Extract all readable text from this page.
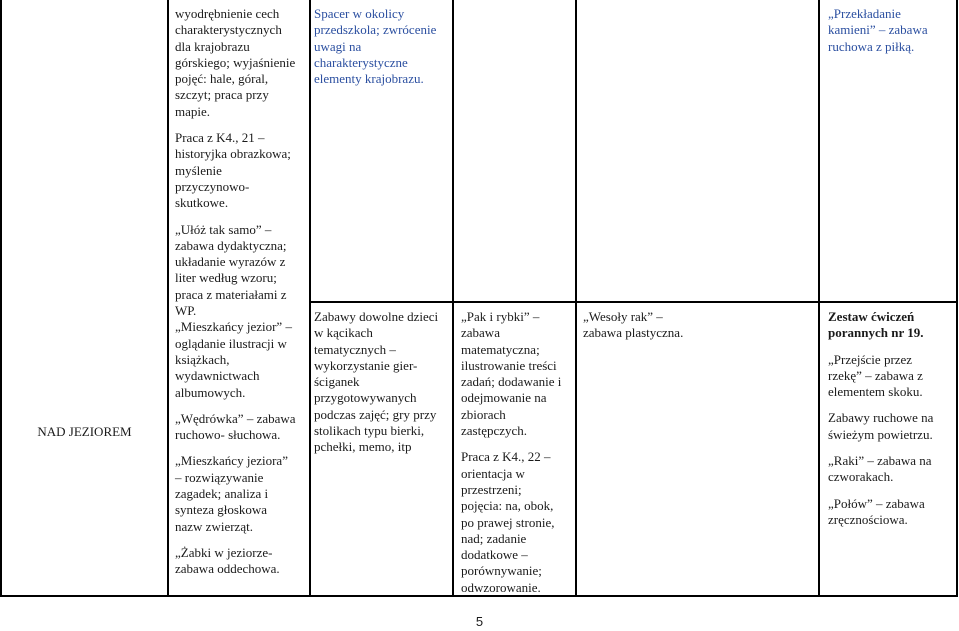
NAD JEZIOREM

wyodrębnienie cech
charakterystycznych
dla krajobrazu
górskiego; wyjaśnienie
pojęć: hale, góral,
szczyt; praca przy
mapie.

Praca z K4., 21 –
historyjka obrazkowa;
myślenie
przyczynowo-
skutkowe.

„Ułóż tak samo” –
zabawa dydaktyczna;
układanie wyrazów z
liter według wzoru;
praca z materiałami z
WP.

„Mieszkańcy jezior” –
oglądanie ilustracji w
książkach,
wydawnictwach
albumowych.

„Wędrówka” – zabawa
ruchowo- słuchowa.

„Mieszkańcy jeziora”
– rozwiązywanie
zagadek; analiza i
synteza głoskowa
nazw zwierząt.

„Żabki w jeziorze-
zabawa oddechowa.

Spacer w okolicy
przedszkola; zwrócenie
uwagi na
charakterystyczne
elementy krajobrazu.

Zabawy dowolne dzieci
w kącikach
tematycznych –
wykorzystanie gier-
ściganek
przygotowywanych
podczas zajęć; gry przy
stolikach typu bierki,
pchełki, memo, itp

„Pak i rybki” –
zabawa
matematyczna;
ilustrowanie treści
zadań; dodawanie i
odejmowanie na
zbiorach
zastępczych.

Praca z K4., 22 –
orientacja w
przestrzeni;
pojęcia: na, obok,
po prawej stronie,
nad; zadanie
dodatkowe –
porównywanie;
odwzorowanie.

„Wesoły rak” –
zabawa plastyczna.

„Przekładanie
kamieni” – zabawa
ruchowa z piłką.

Zestaw ćwiczeń
porannych nr 19.

„Przejście przez
rzekę” – zabawa z
elementem skoku.

Zabawy ruchowe na
świeżym powietrzu.

„Raki” – zabawa na
czworakach.

„Połów” – zabawa
zręcznościowa.

5
